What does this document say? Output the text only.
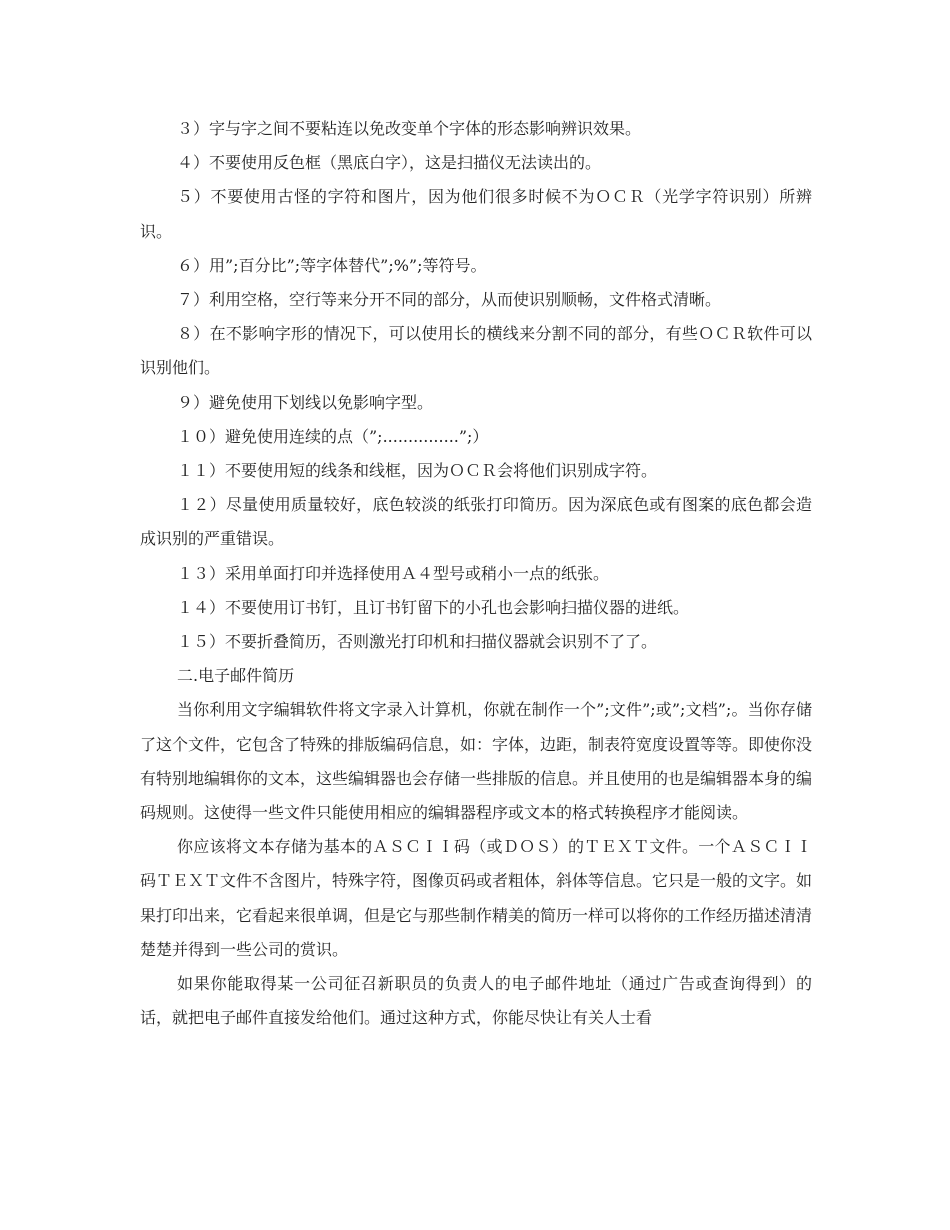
３）字与字之间不要粘连以免改变单个字体的形态影响辨识效果。

４）不要使用反色框（黑底白字），这是扫描仪无法读出的。

５）不要使用古怪的字符和图片，因为他们很多时候不为ＯＣＲ（光学字符识别）所辨识。

６）用”;百分比”;等字体替代”;%”;等符号。

７）利用空格，空行等来分开不同的部分，从而使识别顺畅，文件格式清晰。

８）在不影响字形的情况下，可以使用长的横线来分割不同的部分，有些ＯＣＲ软件可以识别他们。

９）避免使用下划线以免影响字型。

１０）避免使用连续的点（”;...............”;）

１１）不要使用短的线条和线框，因为ＯＣＲ会将他们识别成字符。

１２）尽量使用质量较好，底色较淡的纸张打印简历。因为深底色或有图案的底色都会造成识别的严重错误。

１３）采用单面打印并选择使用Ａ４型号或稍小一点的纸张。

１４）不要使用订书钉，且订书钉留下的小孔也会影响扫描仪器的进纸。

１５）不要折叠简历，否则激光打印机和扫描仪器就会识别不了了。

二.电子邮件简历

当你利用文字编辑软件将文字录入计算机，你就在制作一个”;文件”;或”;文档”;。当你存储了这个文件，它包含了特殊的排版编码信息，如：字体，边距，制表符宽度设置等等。即使你没有特别地编辑你的文本，这些编辑器也会存储一些排版的信息。并且使用的也是编辑器本身的编码规则。这使得一些文件只能使用相应的编辑器程序或文本的格式转换程序才能阅读。

你应该将文本存储为基本的ＡＳＣＩＩ码（或ＤＯＳ）的ＴＥＸＴ文件。一个ＡＳＣＩＩ码ＴＥＸＴ文件不含图片，特殊字符，图像页码或者粗体，斜体等信息。它只是一般的文字。如果打印出来，它看起来很单调，但是它与那些制作精美的简历一样可以将你的工作经历描述清清楚楚并得到一些公司的赏识。

如果你能取得某一公司征召新职员的负责人的电子邮件地址（通过广告或查询得到）的话，就把电子邮件直接发给他们。通过这种方式，你能尽快让有关人士看
